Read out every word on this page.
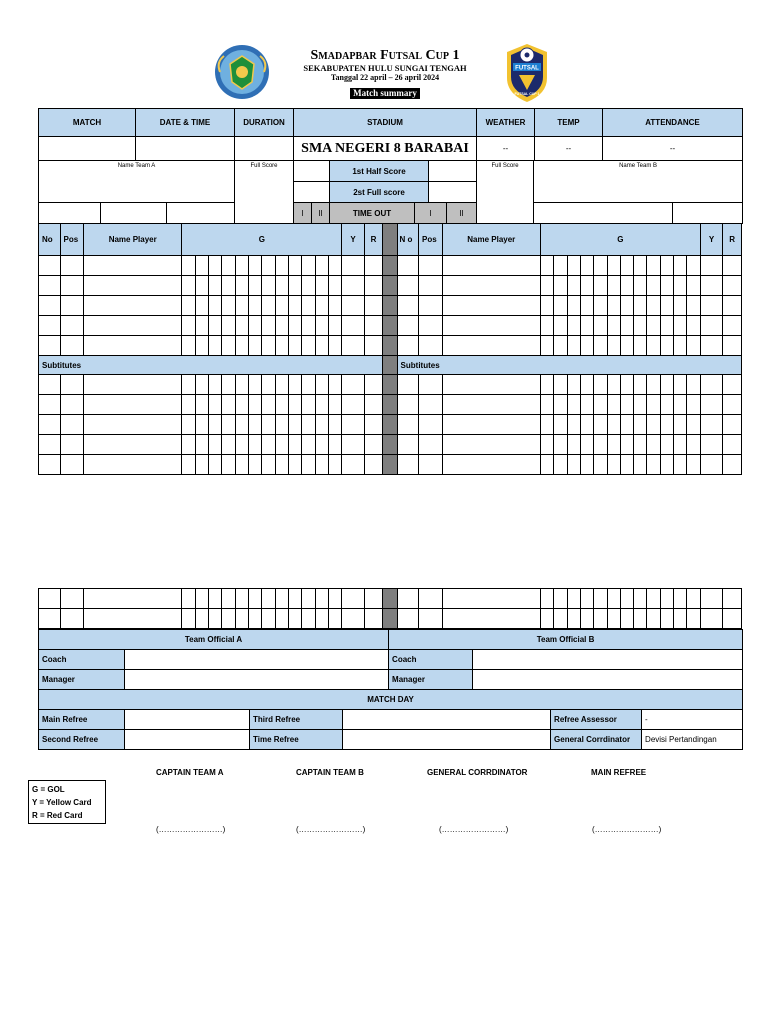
Smadapbar Futsal Cup 1
SEKABUPATEN HULU SUNGAI TENGAH
Tanggal 22 april – 26 april 2024
Match summary
FUTSAL
FUTSAL CUP 1
MATCH	DATE & TIME	DURATION	STADIUM	WEATHER	TEMP	ATTENDANCE
			SMA NEGERI 8 BARABAI	--	--	--
Name Team A			Full Score			1st Half Score				Full Score	Name Team B	
						2st Full score						
				I	II	TIME OUT	I		II			
No	Pos	Name Player	G												Y	R		N o	Pos	Name Player	G												Y	R

Subtitutes																		Subtitutes																

Team Official A				Team Official B			
Coach				Coach			
Manager				Manager			
MATCH DAY							
Main Refree		Third Refree				Refree Assessor	-
Second Refree		Time Refree				General Corrdinator	Devisi Pertandingan
G = GOL
Y = Yellow Card
R = Red Card
CAPTAIN TEAM A	CAPTAIN TEAM B	GENERAL CORRDINATOR	MAIN REFREE
(……………………)	(……………………)	(……………………)	(……………………)
